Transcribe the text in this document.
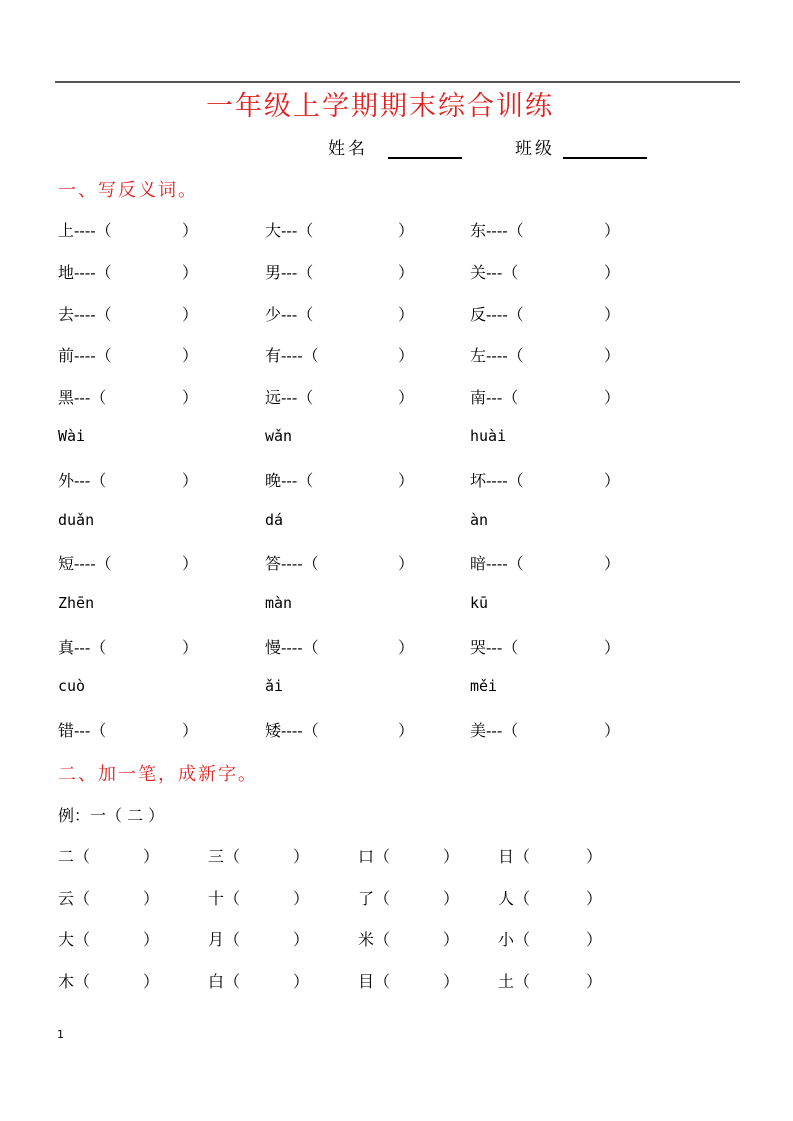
一年级上学期期末综合训练
姓名	班级
一、写反义词。
上----（	）	大---（	）	东----（	）
地----（	）	男---（	）	关---（	）
去----（	）	少---（	）	反----（	）
前----（	）	有----（	）	左----（	）
黑---（	）	远---（	）	南---（	）
Wài	wǎn	huài
外---（	）	晚---（	）	坏----（	）
duǎn	dá	àn
短----（	）	答----（	）	暗----（	）
Zhēn	màn	kū
真---（	）	慢----（	）	哭---（	）
cuò	ǎi	měi
错---（	）	矮----（	）	美---（	）
二、加一笔，成新字。
例：一（ 二 ）
二（	）	三（	）	口（	） 日（	）
云（	）	十（	）	了（	） 人（	）
大（	）	月（	）	米（	） 小（	）
木（	）	白（	）	目（	） 土（	）
1
